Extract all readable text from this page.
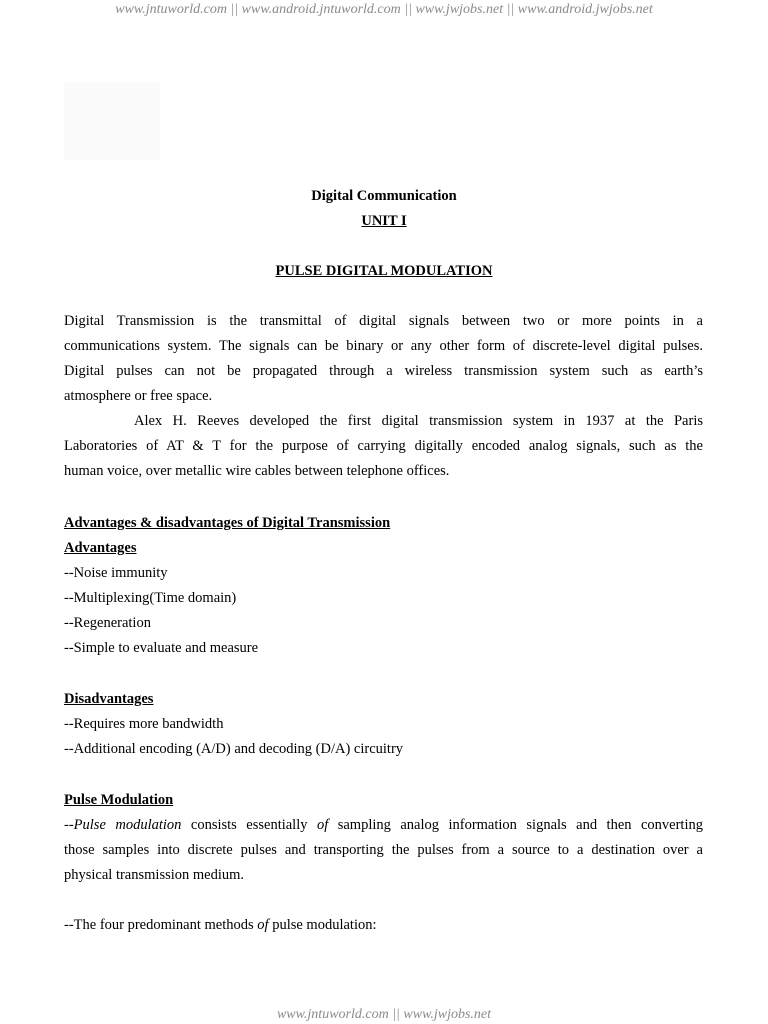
www.jntuworld.com || www.android.jntuworld.com || www.jwjobs.net || www.android.jwjobs.net
Digital Communication
UNIT I
PULSE DIGITAL MODULATION
Digital Transmission is the transmittal of digital signals between two or more points in a
communications system. The signals can be binary or any other form of discrete-level digital pulses.
Digital pulses can not be propagated through a wireless transmission system such as earth’s
atmosphere or free space.
Alex H. Reeves developed the first digital transmission system in 1937 at the Paris
Laboratories of AT & T for the purpose of carrying digitally encoded analog signals, such as the
human voice, over metallic wire cables between telephone offices.
Advantages & disadvantages of Digital Transmission
Advantages
--Noise immunity
--Multiplexing(Time domain)
--Regeneration
--Simple to evaluate and measure
Disadvantages
--Requires more bandwidth
--Additional encoding (A/D) and decoding (D/A) circuitry
Pulse Modulation
--Pulse modulation consists essentially of sampling analog information signals and then converting
those samples into discrete pulses and transporting the pulses from a source to a destination over a
physical transmission medium.
--The four predominant methods of pulse modulation:
www.jntuworld.com || www.jwjobs.net
